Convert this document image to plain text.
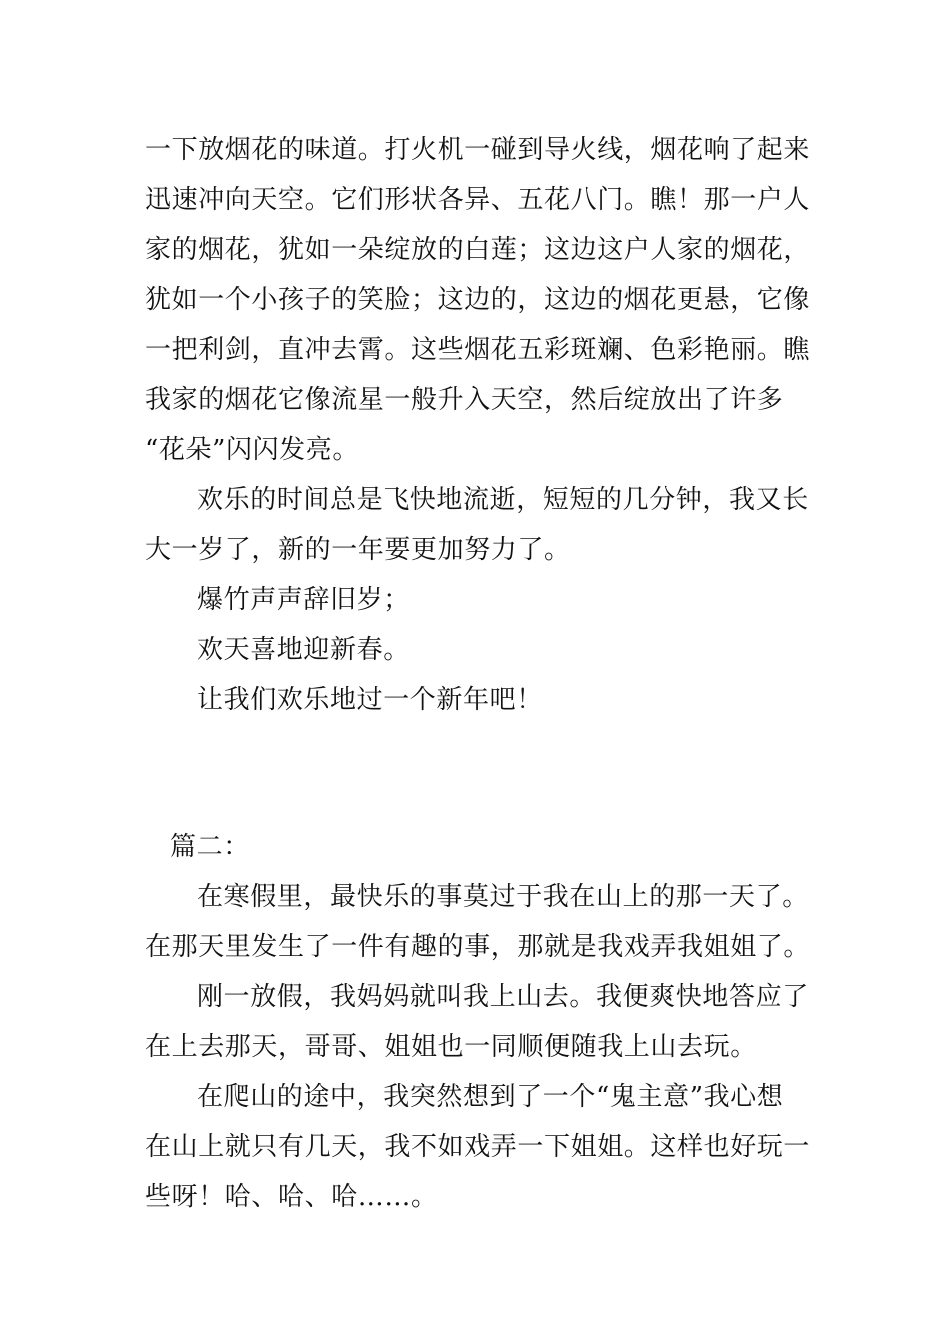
一下放烟花的味道。打火机一碰到导火线，烟花响了起来
迅速冲向天空。它们形状各异、五花八门。瞧！那一户人
家的烟花，犹如一朵绽放的白莲；这边这户人家的烟花，
犹如一个小孩子的笑脸；这边的，这边的烟花更悬，它像
一把利剑，直冲去霄。这些烟花五彩斑斓、色彩艳丽。瞧
我家的烟花它像流星一般升入天空，然后绽放出了许多
“花朵”闪闪发亮。
欢乐的时间总是飞快地流逝，短短的几分钟，我又长
大一岁了，新的一年要更加努力了。
爆竹声声辞旧岁；
欢天喜地迎新春。
让我们欢乐地过一个新年吧！
篇二：
在寒假里，最快乐的事莫过于我在山上的那一天了。
在那天里发生了一件有趣的事，那就是我戏弄我姐姐了。
刚一放假，我妈妈就叫我上山去。我便爽快地答应了
在上去那天，哥哥、姐姐也一同顺便随我上山去玩。
在爬山的途中，我突然想到了一个“鬼主意”我心想
在山上就只有几天，我不如戏弄一下姐姐。这样也好玩一
些呀！哈、哈、哈……。
